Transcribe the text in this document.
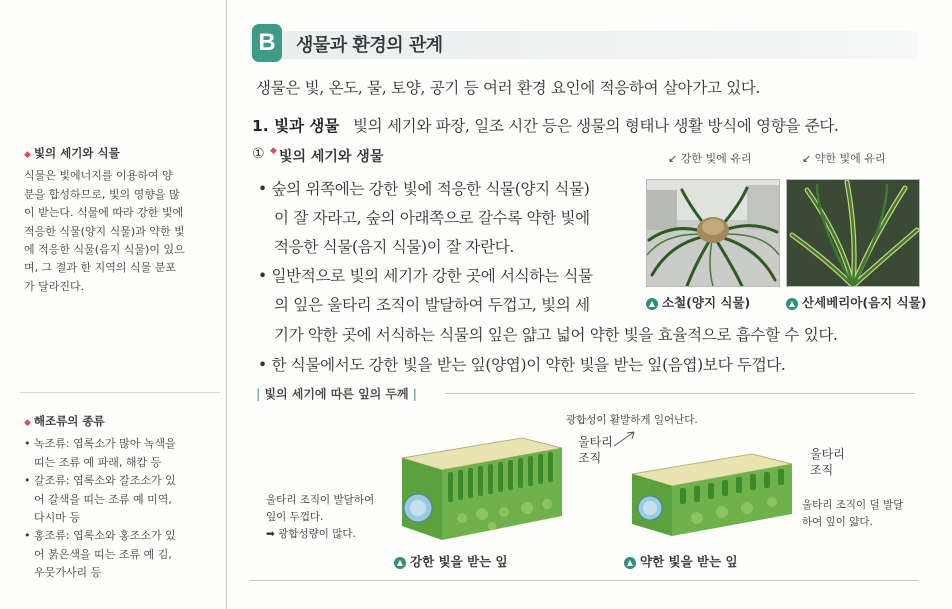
◆ 빛의 세기와 식물
식물은 빛에너지를 이용하여 양
분을 합성하므로, 빛의 영향을 많
이 받는다. 식물에 따라 강한 빛에
적응한 식물(양지 식물)과 약한 빛
에 적응한 식물(음지 식물)이 있으
며, 그 결과 한 지역의 식물 분포
가 달라진다.
◆ 해조류의 종류
• 녹조류: 엽록소가 많아 녹색을
띠는 조류 예 파래, 해캄 등
• 갈조류: 엽록소와 갈조소가 있
어 갈색을 띠는 조류 예 미역,
다시마 등
• 홍조류: 엽록소와 홍조소가 있
어 붉은색을 띠는 조류 예 김,
우뭇가사리 등
B	생물과 환경의 관계
생물은 빛, 온도, 물, 토양, 공기 등 여러 환경 요인에 적응하여 살아가고 있다.
1. 빛과 생물 빛의 세기와 파장, 일조 시간 등은 생물의 형태나 생활 방식에 영향을 준다.
① ◆ 빛의 세기와 생물
• 숲의 위쪽에는 강한 빛에 적응한 식물(양지 식물)
이 잘 자라고, 숲의 아래쪽으로 갈수록 약한 빛에
적응한 식물(음지 식물)이 잘 자란다.
• 일반적으로 빛의 세기가 강한 곳에 서식하는 식물
의 잎은 울타리 조직이 발달하여 두껍고, 빛의 세
기가 약한 곳에 서식하는 식물의 잎은 얇고 넓어 약한 빛을 효율적으로 흡수할 수 있다.
• 한 식물에서도 강한 빛을 받는 잎(양엽)이 약한 빛을 받는 잎(음엽)보다 두껍다.
↙ 강한 빛에 유리	↙ 약한 빛에 유리
▲ 소철(양지 식물)	▲ 산세베리아(음지 식물)
| 빛의 세기에 따른 잎의 두께 |
광합성이 활발하게 일어난다.
울타리
조직	울타리
조직
울타리 조직이 발달하여
잎이 두껍다.
➡ 광합성량이 많다.
울타리 조직이 덜 발달
하여 잎이 얇다.
▲ 강한 빛을 받는 잎	▲ 약한 빛을 받는 잎
